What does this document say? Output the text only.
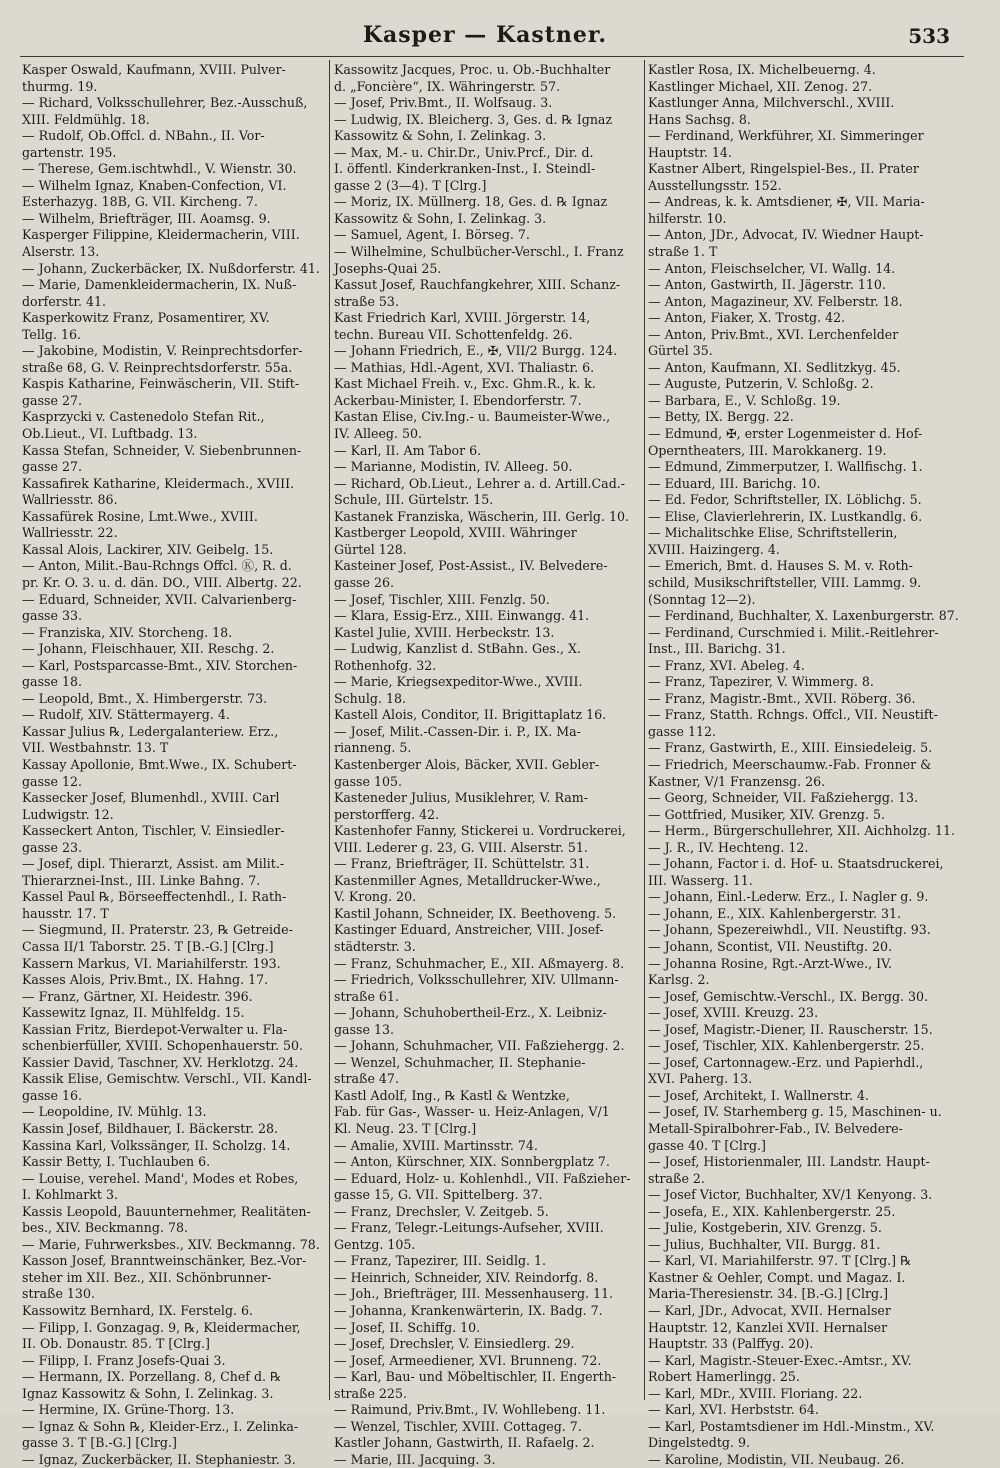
Kasper — Kastner.	533
Kasper Oswald, Kaufmann, XVIII. Pulver-
thurmg. 19.
— Richard, Volksschullehrer, Bez.-Ausschuß,
XIII. Feldmühlg. 18.
— Rudolf, Ob.Offcl. d. NBahn., II. Vor-
gartenstr. 195.
— Therese, Gem.ischtwhdl., V. Wienstr. 30.
— Wilhelm Ignaz, Knaben-Confection, VI.
Esterhazyg. 18B, G. VII. Kircheng. 7.
— Wilhelm, Briefträger, III. Aoamsg. 9.
Kasperger Filippine, Kleidermacherin, VIII.
Alserstr. 13.
— Johann, Zuckerbäcker, IX. Nußdorferstr. 41.
— Marie, Damenkleidermacherin, IX. Nuß-
dorferstr. 41.
Kasperkowitz Franz, Posamentirer, XV.
Tellg. 16.
— Jakobine, Modistin, V. Reinprechtsdorfer-
straße 68, G. V. Reinprechtsdorferstr. 55a.
Kaspis Katharine, Feinwäscherin, VII. Stift-
gasse 27.
Kasprzycki v. Castenedolo Stefan Rit.,
Ob.Lieut., VI. Luftbadg. 13.
Kassa Stefan, Schneider, V. Siebenbrunnen-
gasse 27.
Kassafirek Katharine, Kleidermach., XVIII.
Wallriesstr. 86.
Kassafürek Rosine, Lmt.Wwe., XVIII.
Wallriesstr. 22.
Kassal Alois, Lackirer, XIV. Geibelg. 15.
— Anton, Milit.-Bau-Rchngs Offcl. Ⓚ, R. d.
pr. Kr. O. 3. u. d. dän. DO., VIII. Albertg. 22.
— Eduard, Schneider, XVII. Calvarienberg-
gasse 33.
— Franziska, XIV. Storcheng. 18.
— Johann, Fleischhauer, XII. Reschg. 2.
— Karl, Postsparcasse-Bmt., XIV. Storchen-
gasse 18.
— Leopold, Bmt., X. Himbergerstr. 73.
— Rudolf, XIV. Stättermayerg. 4.
Kassar Julius ℞, Ledergalanteriew. Erz.,
VII. Westbahnstr. 13. T
Kassay Apollonie, Bmt.Wwe., IX. Schubert-
gasse 12.
Kassecker Josef, Blumenhdl., XVIII. Carl
Ludwigstr. 12.
Kasseckert Anton, Tischler, V. Einsiedler-
gasse 23.
— Josef, dipl. Thierarzt, Assist. am Milit.-
Thierarznei-Inst., III. Linke Bahng. 7.
Kassel Paul ℞, Börseeffectenhdl., I. Rath-
hausstr. 17. T
— Siegmund, II. Praterstr. 23, ℞ Getreide-
Cassa II/1 Taborstr. 25. T [B.-G.] [Clrg.]
Kassern Markus, VI. Mariahilferstr. 193.
Kasses Alois, Priv.Bmt., IX. Hahng. 17.
— Franz, Gärtner, XI. Heidestr. 396.
Kassewitz Ignaz, II. Mühlfeldg. 15.
Kassian Fritz, Bierdepot-Verwalter u. Fla-
schenbierfüller, XVIII. Schopenhauerstr. 50.
Kassier David, Taschner, XV. Herklotzg. 24.
Kassik Elise, Gemischtw. Verschl., VII. Kandl-
gasse 16.
— Leopoldine, IV. Mühlg. 13.
Kassin Josef, Bildhauer, I. Bäckerstr. 28.
Kassina Karl, Volkssänger, II. Scholzg. 14.
Kassir Betty, I. Tuchlauben 6.
— Louise, verehel. Mand', Modes et Robes,
I. Kohlmarkt 3.
Kassis Leopold, Bauunternehmer, Realitäten-
bes., XIV. Beckmanng. 78.
— Marie, Fuhrwerksbes., XIV. Beckmanng. 78.
Kasson Josef, Branntweinschänker, Bez.-Vor-
steher im XII. Bez., XII. Schönbrunner-
straße 130.
Kassowitz Bernhard, IX. Ferstelg. 6.
— Filipp, I. Gonzagag. 9, ℞, Kleidermacher,
II. Ob. Donaustr. 85. T [Clrg.]
— Filipp, I. Franz Josefs-Quai 3.
— Hermann, IX. Porzellang. 8, Chef d. ℞
Ignaz Kassowitz & Sohn, I. Zelinkag. 3.
— Hermine, IX. Grüne-Thorg. 13.
— Ignaz & Sohn ℞, Kleider-Erz., I. Zelinka-
gasse 3. T [B.-G.] [Clrg.]
— Ignaz, Zuckerbäcker, II. Stephaniestr. 3.
Kassowitz Jacques, Proc. u. Ob.-Buchhalter
d. „Foncière“, IX. Währingerstr. 57.
— Josef, Priv.Bmt., II. Wolfsaug. 3.
— Ludwig, IX. Bleicherg. 3, Ges. d. ℞ Ignaz
Kassowitz & Sohn, I. Zelinkag. 3.
— Max, M.- u. Chir.Dr., Univ.Prcf., Dir. d.
I. öffentl. Kinderkranken-Inst., I. Steindl-
gasse 2 (3—4). T [Clrg.]
— Moriz, IX. Müllnerg. 18, Ges. d. ℞ Ignaz
Kassowitz & Sohn, I. Zelinkag. 3.
— Samuel, Agent, I. Börseg. 7.
— Wilhelmine, Schulbücher-Verschl., I. Franz
Josephs-Quai 25.
Kassut Josef, Rauchfangkehrer, XIII. Schanz-
straße 53.
Kast Friedrich Karl, XVIII. Jörgerstr. 14,
techn. Bureau VII. Schottenfeldg. 26.
— Johann Friedrich, E., ✠, VII/2 Burgg. 124.
— Mathias, Hdl.-Agent, XVI. Thaliastr. 6.
Kast Michael Freih. v., Exc. Ghm.R., k. k.
Ackerbau-Minister, I. Ebendorferstr. 7.
Kastan Elise, Civ.Ing.- u. Baumeister-Wwe.,
IV. Alleeg. 50.
— Karl, II. Am Tabor 6.
— Marianne, Modistin, IV. Alleeg. 50.
— Richard, Ob.Lieut., Lehrer a. d. Artill.Cad.-
Schule, III. Gürtelstr. 15.
Kastanek Franziska, Wäscherin, III. Gerlg. 10.
Kastberger Leopold, XVIII. Währinger
Gürtel 128.
Kasteiner Josef, Post-Assist., IV. Belvedere-
gasse 26.
— Josef, Tischler, XIII. Fenzlg. 50.
— Klara, Essig-Erz., XIII. Einwangg. 41.
Kastel Julie, XVIII. Herbeckstr. 13.
— Ludwig, Kanzlist d. StBahn. Ges., X.
Rothenhofg. 32.
— Marie, Kriegsexpeditor-Wwe., XVIII.
Schulg. 18.
Kastell Alois, Conditor, II. Brigittaplatz 16.
— Josef, Milit.-Cassen-Dir. i. P., IX. Ma-
rianneng. 5.
Kastenberger Alois, Bäcker, XVII. Gebler-
gasse 105.
Kasteneder Julius, Musiklehrer, V. Ram-
perstorfferg. 42.
Kastenhofer Fanny, Stickerei u. Vordruckerei,
VIII. Lederer g. 23, G. VIII. Alserstr. 51.
— Franz, Briefträger, II. Schüttelstr. 31.
Kastenmiller Agnes, Metalldrucker-Wwe.,
V. Krong. 20.
Kastil Johann, Schneider, IX. Beethoveng. 5.
Kastinger Eduard, Anstreicher, VIII. Josef-
städterstr. 3.
— Franz, Schuhmacher, E., XII. Aßmayerg. 8.
— Friedrich, Volksschullehrer, XIV. Ullmann-
straße 61.
— Johann, Schuhobertheil-Erz., X. Leibniz-
gasse 13.
— Johann, Schuhmacher, VII. Faßziehergg. 2.
— Wenzel, Schuhmacher, II. Stephanie-
straße 47.
Kastl Adolf, Ing., ℞ Kastl & Wentzke,
Fab. für Gas-, Wasser- u. Heiz-Anlagen, V/1
Kl. Neug. 23. T [Clrg.]
— Amalie, XVIII. Martinsstr. 74.
— Anton, Kürschner, XIX. Sonnbergplatz 7.
— Eduard, Holz- u. Kohlenhdl., VII. Faßzieher-
gasse 15, G. VII. Spittelberg. 37.
— Franz, Drechsler, V. Zeitgeb. 5.
— Franz, Telegr.-Leitungs-Aufseher, XVIII.
Gentzg. 105.
— Franz, Tapezirer, III. Seidlg. 1.
— Heinrich, Schneider, XIV. Reindorfg. 8.
— Joh., Briefträger, III. Messenhauserg. 11.
— Johanna, Krankenwärterin, IX. Badg. 7.
— Josef, II. Schiffg. 10.
— Josef, Drechsler, V. Einsiedlerg. 29.
— Josef, Armeediener, XVI. Brunneng. 72.
— Karl, Bau- und Möbeltischler, II. Engerth-
straße 225.
— Raimund, Priv.Bmt., IV. Wohllebeng. 11.
— Wenzel, Tischler, XVIII. Cottageg. 7.
Kastler Johann, Gastwirth, II. Rafaelg. 2.
— Marie, III. Jacquing. 3.
Kastler Rosa, IX. Michelbeuerng. 4.
Kastlinger Michael, XII. Zenog. 27.
Kastlunger Anna, Milchverschl., XVIII.
Hans Sachsg. 8.
— Ferdinand, Werkführer, XI. Simmeringer
Hauptstr. 14.
Kastner Albert, Ringelspiel-Bes., II. Prater
Ausstellungsstr. 152.
— Andreas, k. k. Amtsdiener, ✠, VII. Maria-
hilferstr. 10.
— Anton, JDr., Advocat, IV. Wiedner Haupt-
straße 1. T
— Anton, Fleischselcher, VI. Wallg. 14.
— Anton, Gastwirth, II. Jägerstr. 110.
— Anton, Magazineur, XV. Felberstr. 18.
— Anton, Fiaker, X. Trostg. 42.
— Anton, Priv.Bmt., XVI. Lerchenfelder
Gürtel 35.
— Anton, Kaufmann, XI. Sedlitzkyg. 45.
— Auguste, Putzerin, V. Schloßg. 2.
— Barbara, E., V. Schloßg. 19.
— Betty, IX. Bergg. 22.
— Edmund, ✠, erster Logenmeister d. Hof-
Operntheaters, III. Marokkanerg. 19.
— Edmund, Zimmerputzer, I. Wallfischg. 1.
— Eduard, III. Barichg. 10.
— Ed. Fedor, Schriftsteller, IX. Löblichg. 5.
— Elise, Clavierlehrerin, IX. Lustkandlg. 6.
— Michalitschke Elise, Schriftstellerin,
XVIII. Haizingerg. 4.
— Emerich, Bmt. d. Hauses S. M. v. Roth-
schild, Musikschriftsteller, VIII. Lammg. 9.
(Sonntag 12—2).
— Ferdinand, Buchhalter, X. Laxenburgerstr. 87.
— Ferdinand, Curschmied i. Milit.-Reitlehrer-
Inst., III. Barichg. 31.
— Franz, XVI. Abeleg. 4.
— Franz, Tapezirer, V. Wimmerg. 8.
— Franz, Magistr.-Bmt., XVII. Röberg. 36.
— Franz, Statth. Rchngs. Offcl., VII. Neustift-
gasse 112.
— Franz, Gastwirth, E., XIII. Einsiedeleig. 5.
— Friedrich, Meerschaumw.-Fab. Fronner &
Kastner, V/1 Franzensg. 26.
— Georg, Schneider, VII. Faßziehergg. 13.
— Gottfried, Musiker, XIV. Grenzg. 5.
— Herm., Bürgerschullehrer, XII. Aichholzg. 11.
— J. R., IV. Hechteng. 12.
— Johann, Factor i. d. Hof- u. Staatsdruckerei,
III. Wasserg. 11.
— Johann, Einl.-Lederw. Erz., I. Nagler g. 9.
— Johann, E., XIX. Kahlenbergerstr. 31.
— Johann, Spezereiwhdl., VII. Neustiftg. 93.
— Johann, Scontist, VII. Neustiftg. 20.
— Johanna Rosine, Rgt.-Arzt-Wwe., IV.
Karlsg. 2.
— Josef, Gemischtw.-Verschl., IX. Bergg. 30.
— Josef, XVIII. Kreuzg. 23.
— Josef, Magistr.-Diener, II. Rauscherstr. 15.
— Josef, Tischler, XIX. Kahlenbergerstr. 25.
— Josef, Cartonnagew.-Erz. und Papierhdl.,
XVI. Paherg. 13.
— Josef, Architekt, I. Wallnerstr. 4.
— Josef, IV. Starhemberg g. 15, Maschinen- u.
Metall-Spiralbohrer-Fab., IV. Belvedere-
gasse 40. T [Clrg.]
— Josef, Historienmaler, III. Landstr. Haupt-
straße 2.
— Josef Victor, Buchhalter, XV/1 Kenyong. 3.
— Josefa, E., XIX. Kahlenbergerstr. 25.
— Julie, Kostgeberin, XIV. Grenzg. 5.
— Julius, Buchhalter, VII. Burgg. 81.
— Karl, VI. Mariahilferstr. 97. T [Clrg.] ℞
Kastner & Oehler, Compt. und Magaz. I.
Maria-Theresienstr. 34. [B.-G.] [Clrg.]
— Karl, JDr., Advocat, XVII. Hernalser
Hauptstr. 12, Kanzlei XVII. Hernalser
Hauptstr. 33 (Palffyg. 20).
— Karl, Magistr.-Steuer-Exec.-Amtsr., XV.
Robert Hamerlingg. 25.
— Karl, MDr., XVIII. Floriang. 22.
— Karl, XVI. Herbststr. 64.
— Karl, Postamtsdiener im Hdl.-Minstm., XV.
Dingelstedtg. 9.
— Karoline, Modistin, VII. Neubaug. 26.
